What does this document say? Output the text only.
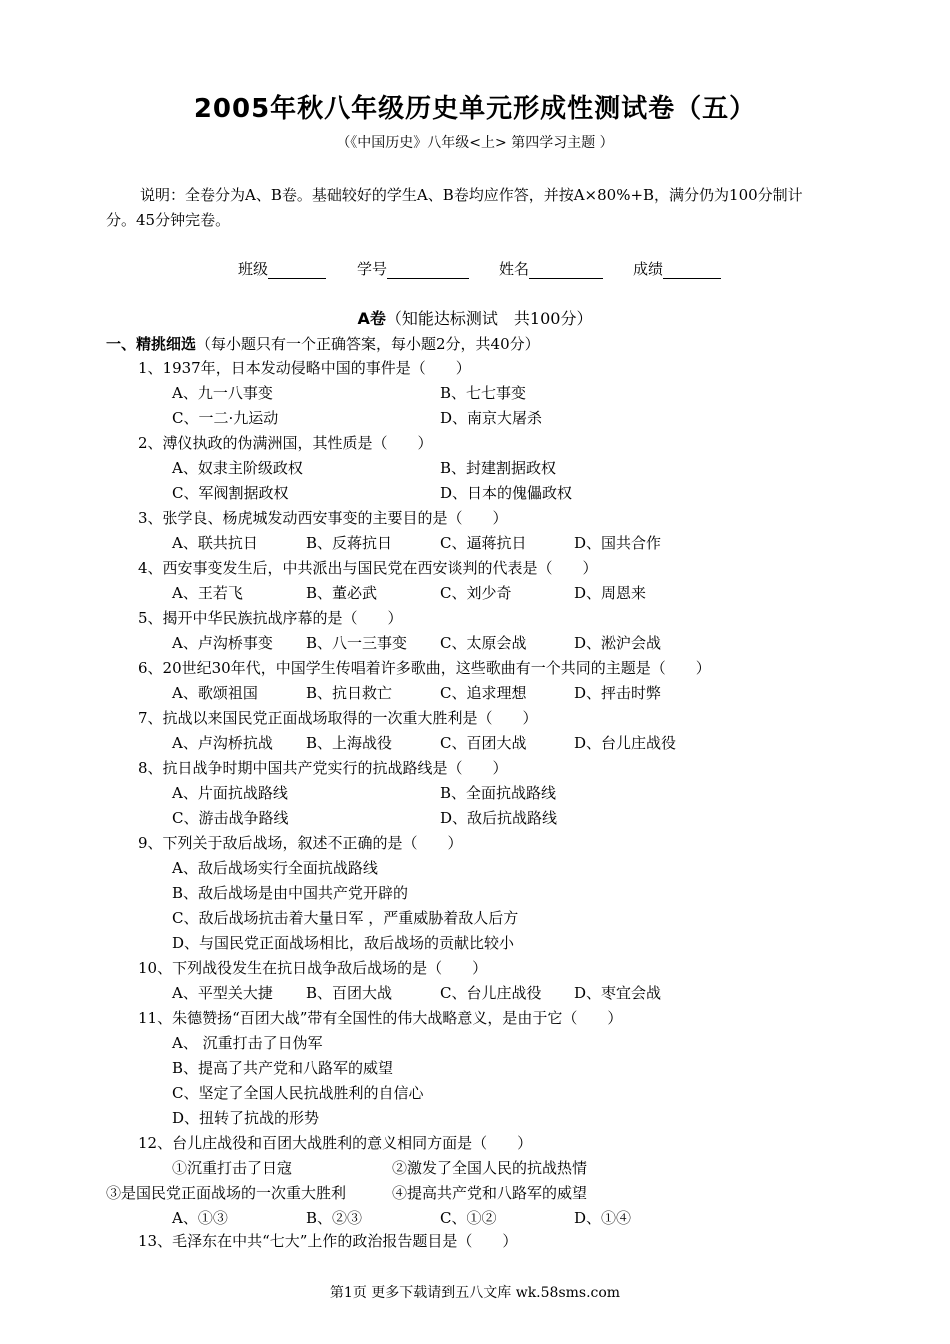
2005年秋八年级历史单元形成性测试卷（五）
（《中国历史》八年级<上> 第四学习主题 ）
说明：全卷分为A、B卷。基础较好的学生A、B卷均应作答，并按A×80%+B，满分仍为100分制计
分。45分钟完卷。
班级	学号	姓名	成绩
A卷（知能达标测试　共100分）
一、精挑细选（每小题只有一个正确答案，每小题2分，共40分）
1、1937年，日本发动侵略中国的事件是（　　）
A、九一八事变	B、七七事变
C、一二·九运动	D、南京大屠杀
2、溥仪执政的伪满洲国，其性质是（　　）
A、奴隶主阶级政权	B、封建割据政权
C、军阀割据政权	D、日本的傀儡政权
3、张学良、杨虎城发动西安事变的主要目的是（　　）
A、联共抗日	B、反蒋抗日	C、逼蒋抗日	D、国共合作
4、西安事变发生后，中共派出与国民党在西安谈判的代表是（　　）
A、王若飞	B、董必武	C、刘少奇	D、周恩来
5、揭开中华民族抗战序幕的是（　　）
A、卢沟桥事变 B、八一三事变 C、太原会战	D、淞沪会战
6、20世纪30年代，中国学生传唱着许多歌曲，这些歌曲有一个共同的主题是（　　）
A、歌颂祖国	B、抗日救亡	C、追求理想	D、抨击时弊
7、抗战以来国民党正面战场取得的一次重大胜利是（　　）
A、卢沟桥抗战 B、上海战役	C、百团大战	D、台儿庄战役
8、抗日战争时期中国共产党实行的抗战路线是（　　）
A、片面抗战路线	B、全面抗战路线
C、游击战争路线	D、敌后抗战路线
9、下列关于敌后战场，叙述不正确的是（　　）
A、敌后战场实行全面抗战路线
B、敌后战场是由中国共产党开辟的
C、敌后战场抗击着大量日军 ，严重威胁着敌人后方
D、与国民党正面战场相比，敌后战场的贡献比较小
10、下列战役发生在抗日战争敌后战场的是（　　）
A、平型关大捷 B、百团大战	C、台儿庄战役 D、枣宜会战
11、朱德赞扬“百团大战”带有全国性的伟大战略意义，是由于它（　　）
A、 沉重打击了日伪军
B、提高了共产党和八路军的威望
C、坚定了全国人民抗战胜利的自信心
D、扭转了抗战的形势
12、台儿庄战役和百团大战胜利的意义相同方面是（　　）
①沉重打击了日寇	②激发了全国人民的抗战热情
③是国民党正面战场的一次重大胜利	④提高共产党和八路军的威望
A、①③	B、②③	C、①②	D、①④
13、毛泽东在中共“七大”上作的政治报告题目是（　　）
第1页 更多下载请到五八文库 wk.58sms.com
